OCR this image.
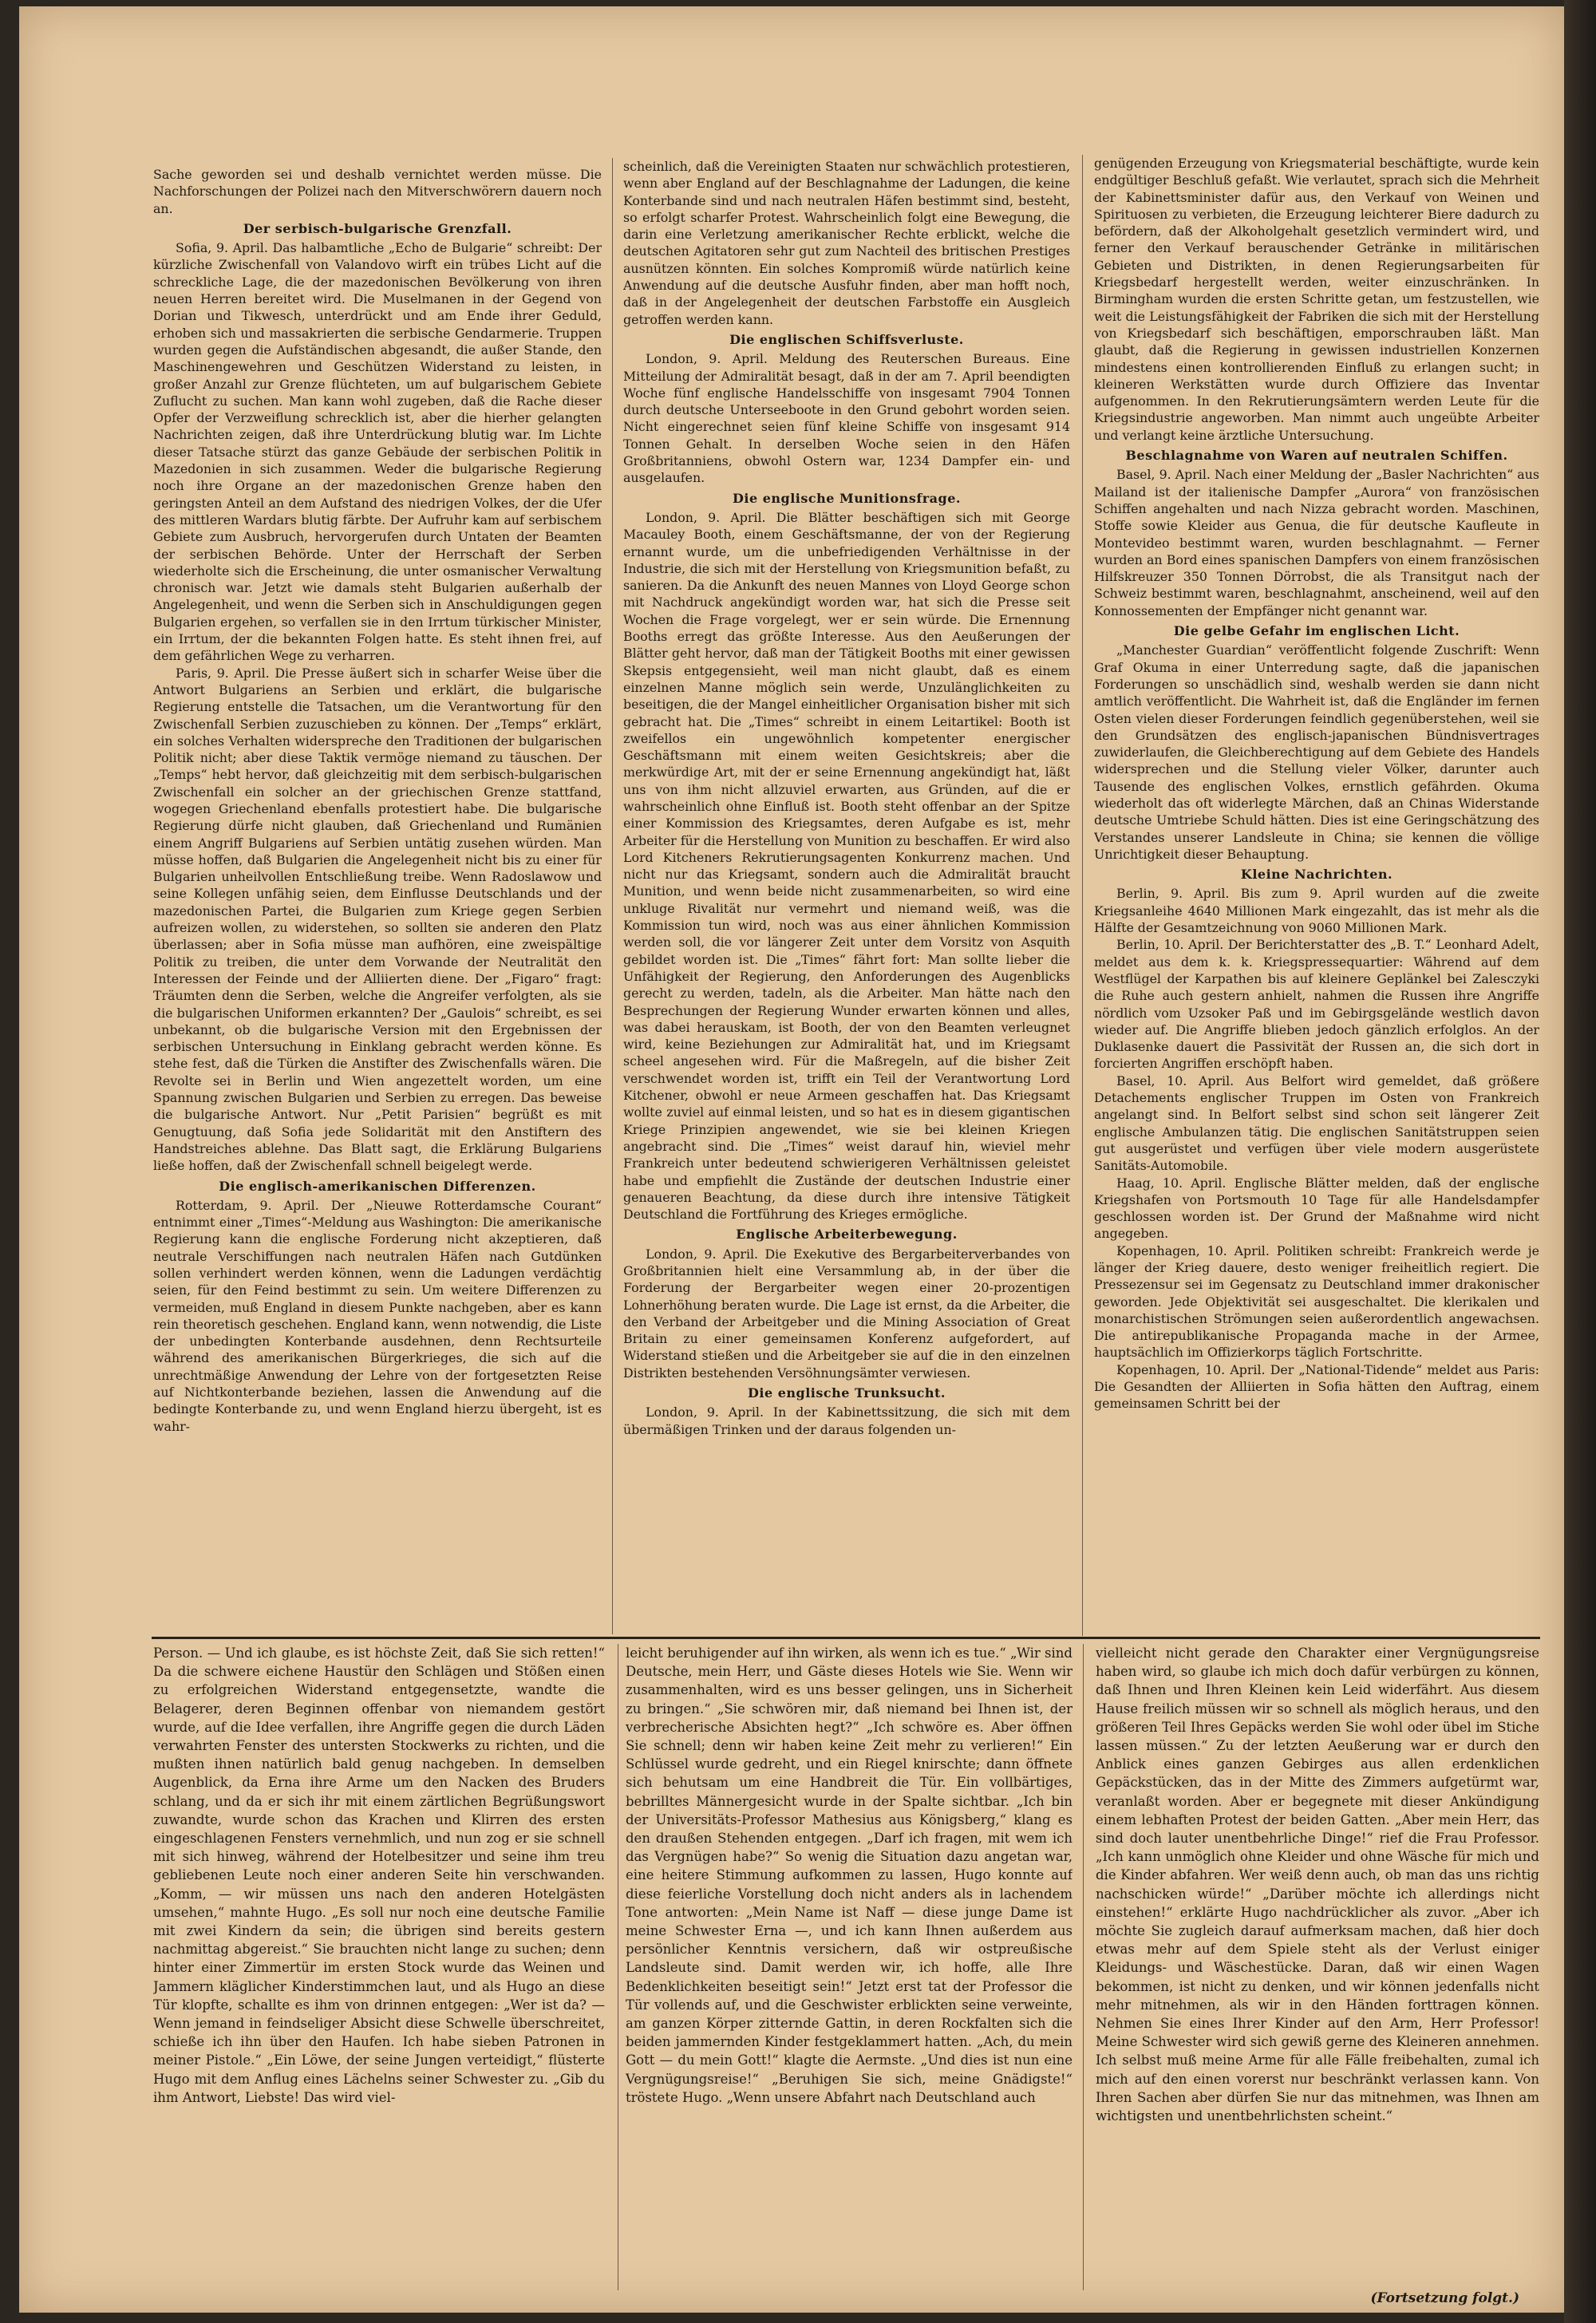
Sache geworden sei und deshalb vernichtet werden müsse. Die Nachforschungen der Polizei nach den Mitverschwörern dauern noch an.

Der serbisch-bulgarische Grenzfall.

Sofia, 9. April. Das halbamtliche „Echo de Bulgarie“ schreibt: Der kürzliche Zwischenfall von Valandovo wirft ein trübes Licht auf die schreckliche Lage, die der mazedonischen Bevölkerung von ihren neuen Herren bereitet wird. Die Muselmanen in der Gegend von Dorian und Tikwesch, unterdrückt und am Ende ihrer Geduld, erhoben sich und massakrierten die serbische Gendarmerie. Truppen wurden gegen die Aufständischen abgesandt, die außer Stande, den Maschinengewehren und Geschützen Widerstand zu leisten, in großer Anzahl zur Grenze flüchteten, um auf bulgarischem Gebiete Zuflucht zu suchen. Man kann wohl zugeben, daß die Rache dieser Opfer der Verzweiflung schrecklich ist, aber die hierher gelangten Nachrichten zeigen, daß ihre Unterdrückung blutig war. Im Lichte dieser Tatsache stürzt das ganze Gebäude der serbischen Politik in Mazedonien in sich zusammen. Weder die bulgarische Regierung noch ihre Organe an der mazedonischen Grenze haben den geringsten Anteil an dem Aufstand des niedrigen Volkes, der die Ufer des mittleren Wardars blutig färbte. Der Aufruhr kam auf serbischem Gebiete zum Ausbruch, hervorgerufen durch Untaten der Beamten der serbischen Behörde. Unter der Herrschaft der Serben wiederholte sich die Erscheinung, die unter osmanischer Verwaltung chronisch war. Jetzt wie damals steht Bulgarien außerhalb der Angelegenheit, und wenn die Serben sich in Anschuldigungen gegen Bulgarien ergehen, so verfallen sie in den Irrtum türkischer Minister, ein Irrtum, der die bekannten Folgen hatte. Es steht ihnen frei, auf dem gefährlichen Wege zu verharren.

Paris, 9. April. Die Presse äußert sich in scharfer Weise über die Antwort Bulgariens an Serbien und erklärt, die bulgarische Regierung entstelle die Tatsachen, um die Verantwortung für den Zwischenfall Serbien zuzuschieben zu können. Der „Temps“ erklärt, ein solches Verhalten widerspreche den Traditionen der bulgarischen Politik nicht; aber diese Taktik vermöge niemand zu täuschen. Der „Temps“ hebt hervor, daß gleichzeitig mit dem serbisch-bulgarischen Zwischenfall ein solcher an der griechischen Grenze stattfand, wogegen Griechenland ebenfalls protestiert habe. Die bulgarische Regierung dürfe nicht glauben, daß Griechenland und Rumänien einem Angriff Bulgariens auf Serbien untätig zusehen würden. Man müsse hoffen, daß Bulgarien die Angelegenheit nicht bis zu einer für Bulgarien unheilvollen Entschließung treibe. Wenn Radoslawow und seine Kollegen unfähig seien, dem Einflusse Deutschlands und der mazedonischen Partei, die Bulgarien zum Kriege gegen Serbien aufreizen wollen, zu widerstehen, so sollten sie anderen den Platz überlassen; aber in Sofia müsse man aufhören, eine zweispältige Politik zu treiben, die unter dem Vorwande der Neutralität den Interessen der Feinde und der Alliierten diene. Der „Figaro“ fragt: Träumten denn die Serben, welche die Angreifer verfolgten, als sie die bulgarischen Uniformen erkannten? Der „Gaulois“ schreibt, es sei unbekannt, ob die bulgarische Version mit den Ergebnissen der serbischen Untersuchung in Einklang gebracht werden könne. Es stehe fest, daß die Türken die Anstifter des Zwischenfalls wären. Die Revolte sei in Berlin und Wien angezettelt worden, um eine Spannung zwischen Bulgarien und Serbien zu erregen. Das beweise die bulgarische Antwort. Nur „Petit Parisien“ begrüßt es mit Genugtuung, daß Sofia jede Solidarität mit den Anstiftern des Handstreiches ablehne. Das Blatt sagt, die Erklärung Bulgariens ließe hoffen, daß der Zwischenfall schnell beigelegt werde.

Die englisch-amerikanischen Differenzen.

Rotterdam, 9. April. Der „Nieuwe Rotterdamsche Courant“ entnimmt einer „Times“-Meldung aus Washington: Die amerikanische Regierung kann die englische Forderung nicht akzeptieren, daß neutrale Verschiffungen nach neutralen Häfen nach Gutdünken sollen verhindert werden können, wenn die Ladungen verdächtig seien, für den Feind bestimmt zu sein. Um weitere Differenzen zu vermeiden, muß England in diesem Punkte nachgeben, aber es kann rein theoretisch geschehen. England kann, wenn notwendig, die Liste der unbedingten Konterbande ausdehnen, denn Rechtsurteile während des amerikanischen Bürgerkrieges, die sich auf die unrechtmäßige Anwendung der Lehre von der fortgesetzten Reise auf Nichtkonterbande beziehen, lassen die Anwendung auf die bedingte Konterbande zu, und wenn England hierzu übergeht, ist es wahr-

scheinlich, daß die Vereinigten Staaten nur schwächlich protestieren, wenn aber England auf der Beschlagnahme der Ladungen, die keine Konterbande sind und nach neutralen Häfen bestimmt sind, besteht, so erfolgt scharfer Protest. Wahrscheinlich folgt eine Bewegung, die darin eine Verletzung amerikanischer Rechte erblickt, welche die deutschen Agitatoren sehr gut zum Nachteil des britischen Prestiges ausnützen könnten. Ein solches Kompromiß würde natürlich keine Anwendung auf die deutsche Ausfuhr finden, aber man hofft noch, daß in der Angelegenheit der deutschen Farbstoffe ein Ausgleich getroffen werden kann.

Die englischen Schiffsverluste.

London, 9. April. Meldung des Reuterschen Bureaus. Eine Mitteilung der Admiralität besagt, daß in der am 7. April beendigten Woche fünf englische Handelsschiffe von insgesamt 7904 Tonnen durch deutsche Unterseeboote in den Grund gebohrt worden seien. Nicht eingerechnet seien fünf kleine Schiffe von insgesamt 914 Tonnen Gehalt. In derselben Woche seien in den Häfen Großbritanniens, obwohl Ostern war, 1234 Dampfer ein- und ausgelaufen.

Die englische Munitionsfrage.

London, 9. April. Die Blätter beschäftigen sich mit George Macauley Booth, einem Geschäftsmanne, der von der Regierung ernannt wurde, um die unbefriedigenden Verhältnisse in der Industrie, die sich mit der Herstellung von Kriegsmunition befaßt, zu sanieren. Da die Ankunft des neuen Mannes von Lloyd George schon mit Nachdruck angekündigt worden war, hat sich die Presse seit Wochen die Frage vorgelegt, wer er sein würde. Die Ernennung Booths erregt das größte Interesse. Aus den Aeußerungen der Blätter geht hervor, daß man der Tätigkeit Booths mit einer gewissen Skepsis entgegensieht, weil man nicht glaubt, daß es einem einzelnen Manne möglich sein werde, Unzulänglichkeiten zu beseitigen, die der Mangel einheitlicher Organisation bisher mit sich gebracht hat. Die „Times“ schreibt in einem Leitartikel: Booth ist zweifellos ein ungewöhnlich kompetenter energischer Geschäftsmann mit einem weiten Gesichtskreis; aber die merkwürdige Art, mit der er seine Ernennung angekündigt hat, läßt uns von ihm nicht allzuviel erwarten, aus Gründen, auf die er wahrscheinlich ohne Einfluß ist. Booth steht offenbar an der Spitze einer Kommission des Kriegsamtes, deren Aufgabe es ist, mehr Arbeiter für die Herstellung von Munition zu beschaffen. Er wird also Lord Kitcheners Rekrutierungsagenten Konkurrenz machen. Und nicht nur das Kriegsamt, sondern auch die Admiralität braucht Munition, und wenn beide nicht zusammenarbeiten, so wird eine unkluge Rivalität nur vermehrt und niemand weiß, was die Kommission tun wird, noch was aus einer ähnlichen Kommission werden soll, die vor längerer Zeit unter dem Vorsitz von Asquith gebildet worden ist. Die „Times“ fährt fort: Man sollte lieber die Unfähigkeit der Regierung, den Anforderungen des Augenblicks gerecht zu werden, tadeln, als die Arbeiter. Man hätte nach den Besprechungen der Regierung Wunder erwarten können und alles, was dabei herauskam, ist Booth, der von den Beamten verleugnet wird, keine Beziehungen zur Admiralität hat, und im Kriegsamt scheel angesehen wird. Für die Maßregeln, auf die bisher Zeit verschwendet worden ist, trifft ein Teil der Verantwortung Lord Kitchener, obwohl er neue Armeen geschaffen hat. Das Kriegsamt wollte zuviel auf einmal leisten, und so hat es in diesem gigantischen Kriege Prinzipien angewendet, wie sie bei kleinen Kriegen angebracht sind. Die „Times“ weist darauf hin, wieviel mehr Frankreich unter bedeutend schwierigeren Verhältnissen geleistet habe und empfiehlt die Zustände der deutschen Industrie einer genaueren Beachtung, da diese durch ihre intensive Tätigkeit Deutschland die Fortführung des Krieges ermögliche.

Englische Arbeiterbewegung.

London, 9. April. Die Exekutive des Bergarbeiterverbandes von Großbritannien hielt eine Versammlung ab, in der über die Forderung der Bergarbeiter wegen einer 20-prozentigen Lohnerhöhung beraten wurde. Die Lage ist ernst, da die Arbeiter, die den Verband der Arbeitgeber und die Mining Association of Great Britain zu einer gemeinsamen Konferenz aufgefordert, auf Widerstand stießen und die Arbeitgeber sie auf die in den einzelnen Distrikten bestehenden Versöhnungsämter verwiesen.

Die englische Trunksucht.

London, 9. April. In der Kabinettssitzung, die sich mit dem übermäßigen Trinken und der daraus folgenden un-

genügenden Erzeugung von Kriegsmaterial beschäftigte, wurde kein endgültiger Beschluß gefaßt. Wie verlautet, sprach sich die Mehrheit der Kabinettsminister dafür aus, den Verkauf von Weinen und Spirituosen zu verbieten, die Erzeugung leichterer Biere dadurch zu befördern, daß der Alkoholgehalt gesetzlich vermindert wird, und ferner den Verkauf berauschender Getränke in militärischen Gebieten und Distrikten, in denen Regierungsarbeiten für Kriegsbedarf hergestellt werden, weiter einzuschränken. In Birmingham wurden die ersten Schritte getan, um festzustellen, wie weit die Leistungsfähigkeit der Fabriken die sich mit der Herstellung von Kriegsbedarf sich beschäftigen, emporschrauben läßt. Man glaubt, daß die Regierung in gewissen industriellen Konzernen mindestens einen kontrollierenden Einfluß zu erlangen sucht; in kleineren Werkstätten wurde durch Offiziere das Inventar aufgenommen. In den Rekrutierungsämtern werden Leute für die Kriegsindustrie angeworben. Man nimmt auch ungeübte Arbeiter und verlangt keine ärztliche Untersuchung.

Beschlagnahme von Waren auf neutralen Schiffen.

Basel, 9. April. Nach einer Meldung der „Basler Nachrichten“ aus Mailand ist der italienische Dampfer „Aurora“ von französischen Schiffen angehalten und nach Nizza gebracht worden. Maschinen, Stoffe sowie Kleider aus Genua, die für deutsche Kaufleute in Montevideo bestimmt waren, wurden beschlagnahmt. — Ferner wurden an Bord eines spanischen Dampfers von einem französischen Hilfskreuzer 350 Tonnen Dörrobst, die als Transitgut nach der Schweiz bestimmt waren, beschlagnahmt, anscheinend, weil auf den Konnossementen der Empfänger nicht genannt war.

Die gelbe Gefahr im englischen Licht.

„Manchester Guardian“ veröffentlicht folgende Zuschrift: Wenn Graf Okuma in einer Unterredung sagte, daß die japanischen Forderungen so unschädlich sind, weshalb werden sie dann nicht amtlich veröffentlicht. Die Wahrheit ist, daß die Engländer im fernen Osten vielen dieser Forderungen feindlich gegenüberstehen, weil sie den Grundsätzen des englisch-japanischen Bündnisvertrages zuwiderlaufen, die Gleichberechtigung auf dem Gebiete des Handels widersprechen und die Stellung vieler Völker, darunter auch Tausende des englischen Volkes, ernstlich gefährden. Okuma wiederholt das oft widerlegte Märchen, daß an Chinas Widerstande deutsche Umtriebe Schuld hätten. Dies ist eine Geringschätzung des Verstandes unserer Landsleute in China; sie kennen die völlige Unrichtigkeit dieser Behauptung.

Kleine Nachrichten.

Berlin, 9. April. Bis zum 9. April wurden auf die zweite Kriegsanleihe 4640 Millionen Mark eingezahlt, das ist mehr als die Hälfte der Gesamtzeichnung von 9060 Millionen Mark.

Berlin, 10. April. Der Berichterstatter des „B. T.“ Leonhard Adelt, meldet aus dem k. k. Kriegspressequartier: Während auf dem Westflügel der Karpathen bis auf kleinere Geplänkel bei Zalesczyki die Ruhe auch gestern anhielt, nahmen die Russen ihre Angriffe nördlich vom Uzsoker Paß und im Gebirgsgelände westlich davon wieder auf. Die Angriffe blieben jedoch gänzlich erfolglos. An der Duklasenke dauert die Passivität der Russen an, die sich dort in forcierten Angriffen erschöpft haben.

Basel, 10. April. Aus Belfort wird gemeldet, daß größere Detachements englischer Truppen im Osten von Frankreich angelangt sind. In Belfort selbst sind schon seit längerer Zeit englische Ambulanzen tätig. Die englischen Sanitätstruppen seien gut ausgerüstet und verfügen über viele modern ausgerüstete Sanitäts-Automobile.

Haag, 10. April. Englische Blätter melden, daß der englische Kriegshafen von Portsmouth 10 Tage für alle Handelsdampfer geschlossen worden ist. Der Grund der Maßnahme wird nicht angegeben.

Kopenhagen, 10. April. Politiken schreibt: Frankreich werde je länger der Krieg dauere, desto weniger freiheitlich regiert. Die Pressezensur sei im Gegensatz zu Deutschland immer drakonischer geworden. Jede Objektivität sei ausgeschaltet. Die klerikalen und monarchistischen Strömungen seien außerordentlich angewachsen. Die antirepublikanische Propaganda mache in der Armee, hauptsächlich im Offizierkorps täglich Fortschritte.

Kopenhagen, 10. April. Der „National-Tidende“ meldet aus Paris: Die Gesandten der Alliierten in Sofia hätten den Auftrag, einem gemeinsamen Schritt bei der

Person. — Und ich glaube, es ist höchste Zeit, daß Sie sich retten!“ Da die schwere eichene Haustür den Schlägen und Stößen einen zu erfolgreichen Widerstand entgegensetzte, wandte die Belagerer, deren Beginnen offenbar von niemandem gestört wurde, auf die Idee verfallen, ihre Angriffe gegen die durch Läden verwahrten Fenster des untersten Stockwerks zu richten, und die mußten ihnen natürlich bald genug nachgeben. In demselben Augenblick, da Erna ihre Arme um den Nacken des Bruders schlang, und da er sich ihr mit einem zärtlichen Begrüßungswort zuwandte, wurde schon das Krachen und Klirren des ersten eingeschlagenen Fensters vernehmlich, und nun zog er sie schnell mit sich hinweg, während der Hotelbesitzer und seine ihm treu gebliebenen Leute noch einer anderen Seite hin verschwanden. „Komm, — wir müssen uns nach den anderen Hotelgästen umsehen,“ mahnte Hugo. „Es soll nur noch eine deutsche Familie mit zwei Kindern da sein; die übrigen sind bereits gestern nachmittag abgereist.“ Sie brauchten nicht lange zu suchen; denn hinter einer Zimmertür im ersten Stock wurde das Weinen und Jammern kläglicher Kinderstimmchen laut, und als Hugo an diese Tür klopfte, schallte es ihm von drinnen entgegen: „Wer ist da? — Wenn jemand in feindseliger Absicht diese Schwelle überschreitet, schieße ich ihn über den Haufen. Ich habe sieben Patronen in meiner Pistole.“ „Ein Löwe, der seine Jungen verteidigt,“ flüsterte Hugo mit dem Anflug eines Lächelns seiner Schwester zu. „Gib du ihm Antwort, Liebste! Das wird viel-

leicht beruhigender auf ihn wirken, als wenn ich es tue.“ „Wir sind Deutsche, mein Herr, und Gäste dieses Hotels wie Sie. Wenn wir zusammenhalten, wird es uns besser gelingen, uns in Sicherheit zu bringen.“ „Sie schwören mir, daß niemand bei Ihnen ist, der verbrecherische Absichten hegt?“ „Ich schwöre es. Aber öffnen Sie schnell; denn wir haben keine Zeit mehr zu verlieren!“ Ein Schlüssel wurde gedreht, und ein Riegel knirschte; dann öffnete sich behutsam um eine Handbreit die Tür. Ein vollbärtiges, bebrilltes Männergesicht wurde in der Spalte sichtbar. „Ich bin der Universitäts-Professor Mathesius aus Königsberg,“ klang es den draußen Stehenden entgegen. „Darf ich fragen, mit wem ich das Vergnügen habe?“ So wenig die Situation dazu angetan war, eine heitere Stimmung aufkommen zu lassen, Hugo konnte auf diese feierliche Vorstellung doch nicht anders als in lachendem Tone antworten: „Mein Name ist Naff — diese junge Dame ist meine Schwester Erna —, und ich kann Ihnen außerdem aus persönlicher Kenntnis versichern, daß wir ostpreußische Landsleute sind. Damit werden wir, ich hoffe, alle Ihre Bedenklichkeiten beseitigt sein!“ Jetzt erst tat der Professor die Tür vollends auf, und die Geschwister erblickten seine verweinte, am ganzen Körper zitternde Gattin, in deren Rockfalten sich die beiden jammernden Kinder festgeklammert hatten. „Ach, du mein Gott — du mein Gott!“ klagte die Aermste. „Und dies ist nun eine Vergnügungsreise!“ „Beruhigen Sie sich, meine Gnädigste!“ tröstete Hugo. „Wenn unsere Abfahrt nach Deutschland auch

vielleicht nicht gerade den Charakter einer Vergnügungsreise haben wird, so glaube ich mich doch dafür verbürgen zu können, daß Ihnen und Ihren Kleinen kein Leid widerfährt. Aus diesem Hause freilich müssen wir so schnell als möglich heraus, und den größeren Teil Ihres Gepäcks werden Sie wohl oder übel im Stiche lassen müssen.“ Zu der letzten Aeußerung war er durch den Anblick eines ganzen Gebirges aus allen erdenklichen Gepäckstücken, das in der Mitte des Zimmers aufgetürmt war, veranlaßt worden. Aber er begegnete mit dieser Ankündigung einem lebhaften Protest der beiden Gatten. „Aber mein Herr, das sind doch lauter unentbehrliche Dinge!“ rief die Frau Professor. „Ich kann unmöglich ohne Kleider und ohne Wäsche für mich und die Kinder abfahren. Wer weiß denn auch, ob man das uns richtig nachschicken würde!“ „Darüber möchte ich allerdings nicht einstehen!“ erklärte Hugo nachdrücklicher als zuvor. „Aber ich möchte Sie zugleich darauf aufmerksam machen, daß hier doch etwas mehr auf dem Spiele steht als der Verlust einiger Kleidungs- und Wäschestücke. Daran, daß wir einen Wagen bekommen, ist nicht zu denken, und wir können jedenfalls nicht mehr mitnehmen, als wir in den Händen forttragen können. Nehmen Sie eines Ihrer Kinder auf den Arm, Herr Professor! Meine Schwester wird sich gewiß gerne des Kleineren annehmen. Ich selbst muß meine Arme für alle Fälle freibehalten, zumal ich mich auf den einen vorerst nur beschränkt verlassen kann. Von Ihren Sachen aber dürfen Sie nur das mitnehmen, was Ihnen am wichtigsten und unentbehrlichsten scheint.“

(Fortsetzung folgt.)
